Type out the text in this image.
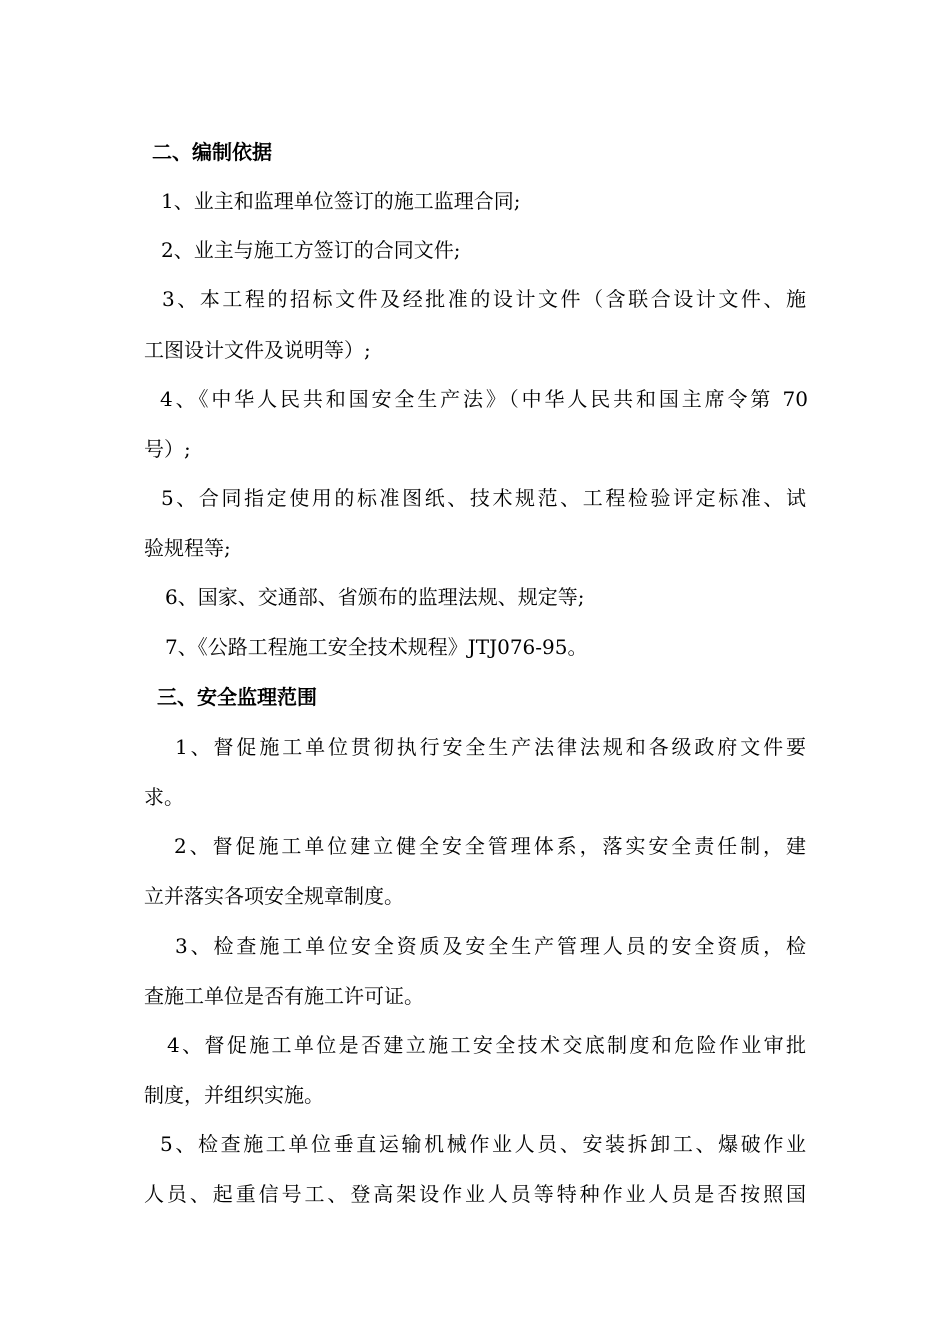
二、编制依据
1、业主和监理单位签订的施工监理合同;
2、业主与施工方签订的合同文件;
3、本工程的招标文件及经批准的设计文件（含联合设计文件、施
工图设计文件及说明等）;
4、《中华人民共和国安全生产法》（中华人民共和国主席令第 70
号）;
5、合同指定使用的标准图纸、技术规范、工程检验评定标准、试
验规程等;
6、国家、交通部、省颁布的监理法规、规定等;
7、《公路工程施工安全技术规程》JTJ076-95。
三、安全监理范围
1、督促施工单位贯彻执行安全生产法律法规和各级政府文件要
求。
2、督促施工单位建立健全安全管理体系，落实安全责任制，建
立并落实各项安全规章制度。
3、检查施工单位安全资质及安全生产管理人员的安全资质，检
查施工单位是否有施工许可证。
4、督促施工单位是否建立施工安全技术交底制度和危险作业审批
制度，并组织实施。
5、检查施工单位垂直运输机械作业人员、安装拆卸工、爆破作业
人员、起重信号工、登高架设作业人员等特种作业人员是否按照国
